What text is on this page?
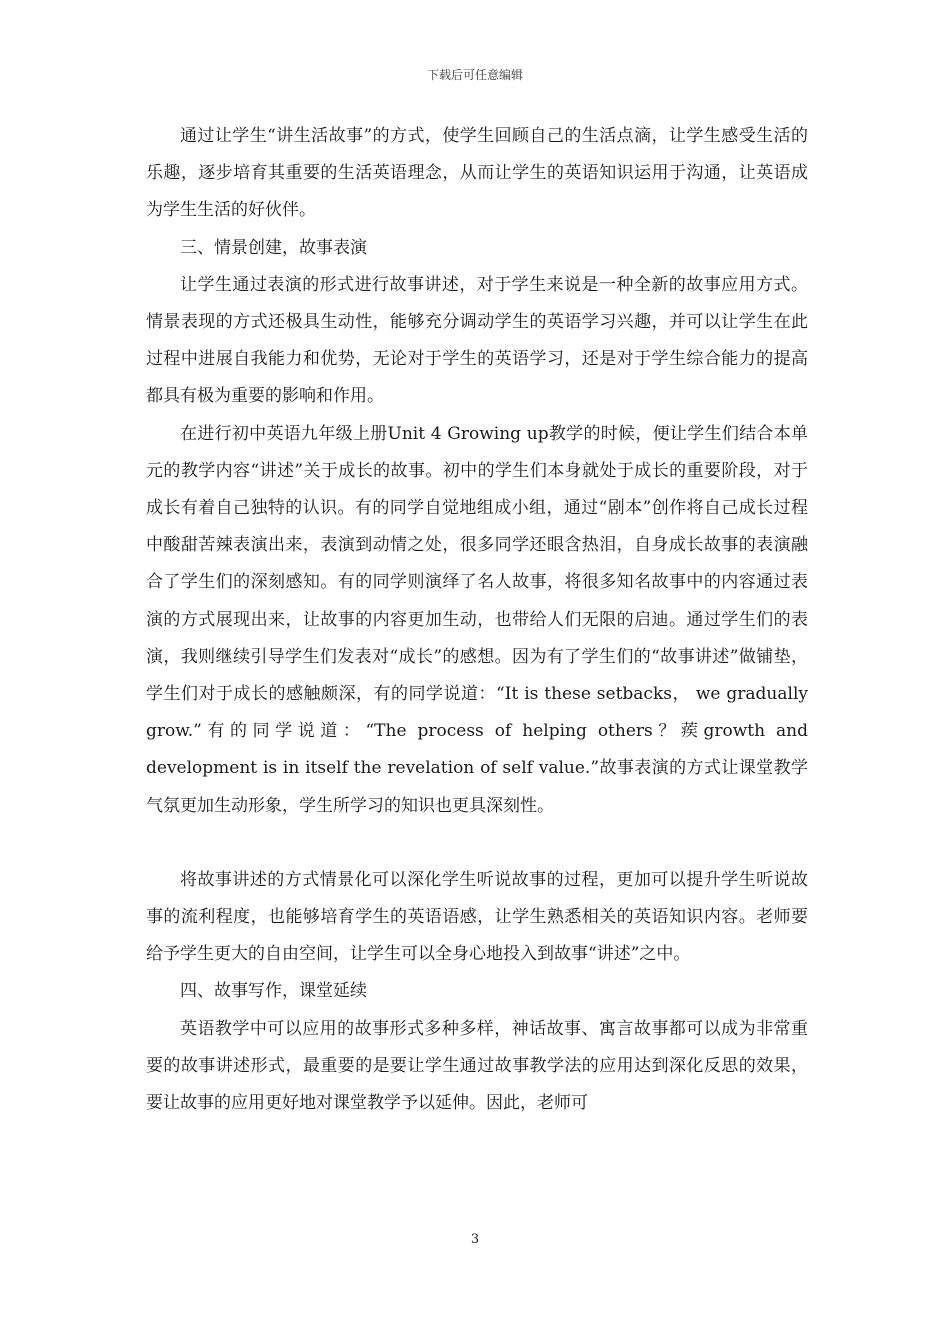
下载后可任意编辑

通过让学生“讲生活故事”的方式，使学生回顾自己的生活点滴，让学生感受生活的乐趣，逐步培育其重要的生活英语理念，从而让学生的英语知识运用于沟通，让英语成为学生生活的好伙伴。

三、情景创建，故事表演

让学生通过表演的形式进行故事讲述，对于学生来说是一种全新的故事应用方式。情景表现的方式还极具生动性，能够充分调动学生的英语学习兴趣，并可以让学生在此过程中进展自我能力和优势，无论对于学生的英语学习，还是对于学生综合能力的提高都具有极为重要的影响和作用。

在进行初中英语九年级上册Unit 4 Growing up教学的时候，便让学生们结合本单元的教学内容“讲述”关于成长的故事。初中的学生们本身就处于成长的重要阶段，对于成长有着自己独特的认识。有的同学自觉地组成小组，通过“剧本”创作将自己成长过程中酸甜苦辣表演出来，表演到动情之处，很多同学还眼含热泪，自身成长故事的表演融合了学生们的深刻感知。有的同学则演绎了名人故事，将很多知名故事中的内容通过表演的方式展现出来，让故事的内容更加生动，也带给人们无限的启迪。通过学生们的表演，我则继续引导学生们发表对“成长”的感想。因为有了学生们的“故事讲述”做铺垫，学生们对于成长的感触颇深，有的同学说道：“It is these setbacks， we gradually grow.”有的同学说道：“The process of helping others？蒺growth and development is in itself the revelation of self value.”故事表演的方式让课堂教学气氛更加生动形象，学生所学习的知识也更具深刻性。

将故事讲述的方式情景化可以深化学生听说故事的过程，更加可以提升学生听说故事的流利程度，也能够培育学生的英语语感，让学生熟悉相关的英语知识内容。老师要给予学生更大的自由空间，让学生可以全身心地投入到故事“讲述”之中。

四、故事写作，课堂延续

英语教学中可以应用的故事形式多种多样，神话故事、寓言故事都可以成为非常重要的故事讲述形式，最重要的是要让学生通过故事教学法的应用达到深化反思的效果，要让故事的应用更好地对课堂教学予以延伸。因此，老师可

3
